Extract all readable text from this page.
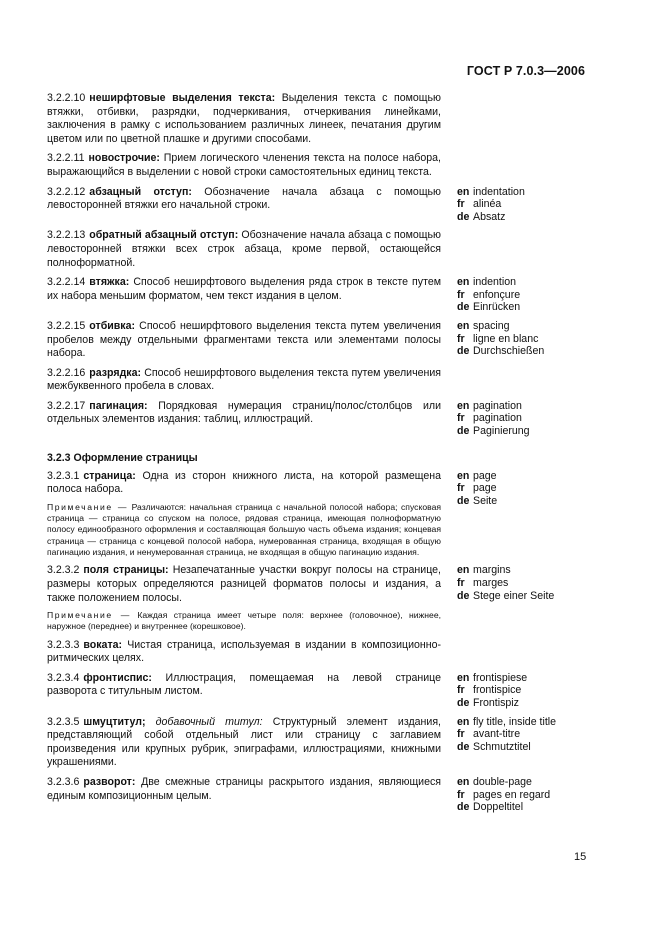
ГОСТ Р 7.0.3—2006
3.2.2.10 неширфтовые выделения текста: Выделения текста с помощью втяжки, отбивки, разрядки, подчеркивания, отчеркивания линейками, заключения в рамку с использованием различных линеек, печатания другим цветом или по цветной плашке и другими способами.
3.2.2.11 новострочие: Прием логического членения текста на полосе набора, выражающийся в выделении с новой строки самостоятельных единиц текста.
3.2.2.12 абзацный отступ: Обозначение начала абзаца с помощью левосторонней втяжки его начальной строки.
en indentation
fr alinéa
de Absatz
3.2.2.13 обратный абзацный отступ: Обозначение начала абзаца с помощью левосторонней втяжки всех строк абзаца, кроме первой, остающейся полноформатной.
3.2.2.14 втяжка: Способ неширфтового выделения ряда строк в тексте путем их набора меньшим форматом, чем текст издания в целом.
en indention
fr enfonçure
de Einrücken
3.2.2.15 отбивка: Способ неширфтового выделения текста путем увеличения пробелов между отдельными фрагментами текста или элементами полосы набора.
en spacing
fr ligne en blanc
de Durchschießen
3.2.2.16 разрядка: Способ неширфтового выделения текста путем увеличения межбуквенного пробела в словах.
3.2.2.17 пагинация: Порядковая нумерация страниц/полос/столбцов или отдельных элементов издания: таблиц, иллюстраций.
en pagination
fr pagination
de Paginierung
3.2.3 Оформление страницы
3.2.3.1 страница: Одна из сторон книжного листа, на которой размещена полоса набора.
Примечание — Различаются: начальная страница с начальной полосой набора; спусковая страница — страница со спуском на полосе, рядовая страница, имеющая полноформатную полосу единообразного оформления и составляющая большую часть объема издания; концевая страница — страница с концевой полосой набора, нумерованная страница, входящая в общую пагинацию издания, и ненумерованная страница, не входящая в общую пагинацию издания.
en page
fr page
de Seite
3.2.3.2 поля страницы: Незапечатанные участки вокруг полосы на странице, размеры которых определяются разницей форматов полосы и издания, а также положением полосы.
Примечание — Каждая страница имеет четыре поля: верхнее (головочное), нижнее, наружное (переднее) и внутреннее (корешковое).
en margins
fr marges
de Stege einer Seite
3.2.3.3 воката: Чистая страница, используемая в издании в композиционно-ритмических целях.
3.2.3.4 фронтиспис: Иллюстрация, помещаемая на левой странице разворота с титульным листом.
en frontispiese
fr frontispice
de Frontispiz
3.2.3.5 шмуцтитул; добавочный титул: Структурный элемент издания, представляющий собой отдельный лист или страницу с заглавием произведения или крупных рубрик, эпиграфами, иллюстрациями, книжными украшениями.
en fly title, inside title
fr avant-titre
de Schmutztitel
3.2.3.6 разворот: Две смежные страницы раскрытого издания, являющиеся единым композиционным целым.
en double-page
fr pages en regard
de Doppeltitel
15
